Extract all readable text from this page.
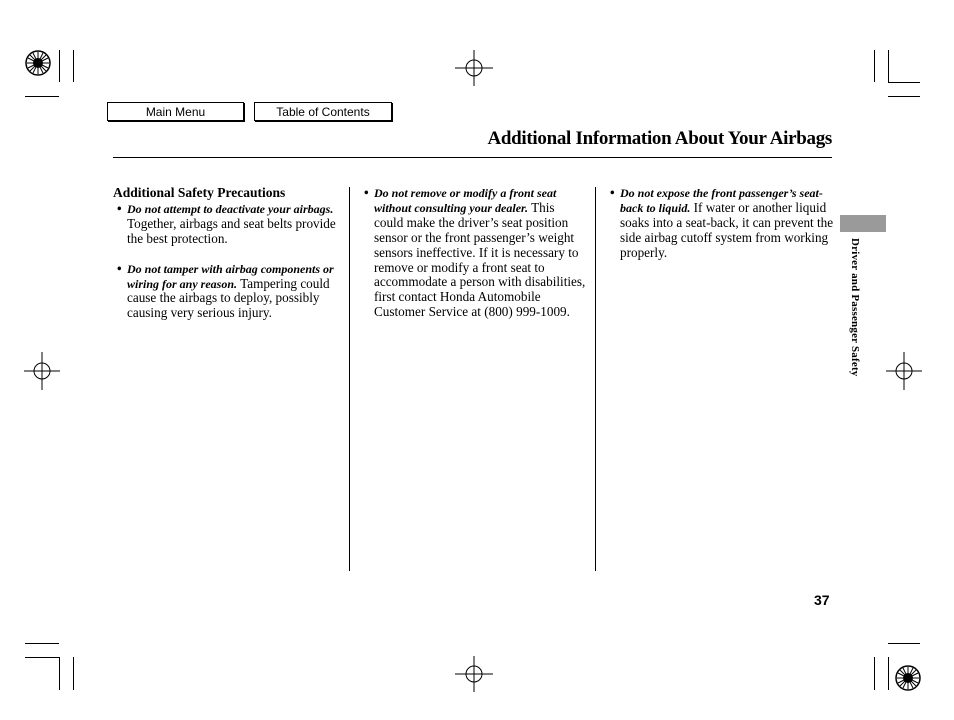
Main Menu	Table of Contents
Additional Information About Your Airbags

Additional Safety Precautions

• Do not attempt to deactivate your airbags. Together, airbags and seat belts provide the best protection.

• Do not tamper with airbag components or wiring for any reason. Tampering could cause the airbags to deploy, possibly causing very serious injury.

• Do not remove or modify a front seat without consulting your dealer. This could make the driver’s seat position sensor or the front passenger’s weight sensors ineffective. If it is necessary to remove or modify a front seat to accommodate a person with disabilities, first contact Honda Automobile Customer Service at (800) 999-1009.

• Do not expose the front passenger’s seat-back to liquid. If water or another liquid soaks into a seat-back, it can prevent the side airbag cutoff system from working properly.	Driver and Passenger Safety
37
